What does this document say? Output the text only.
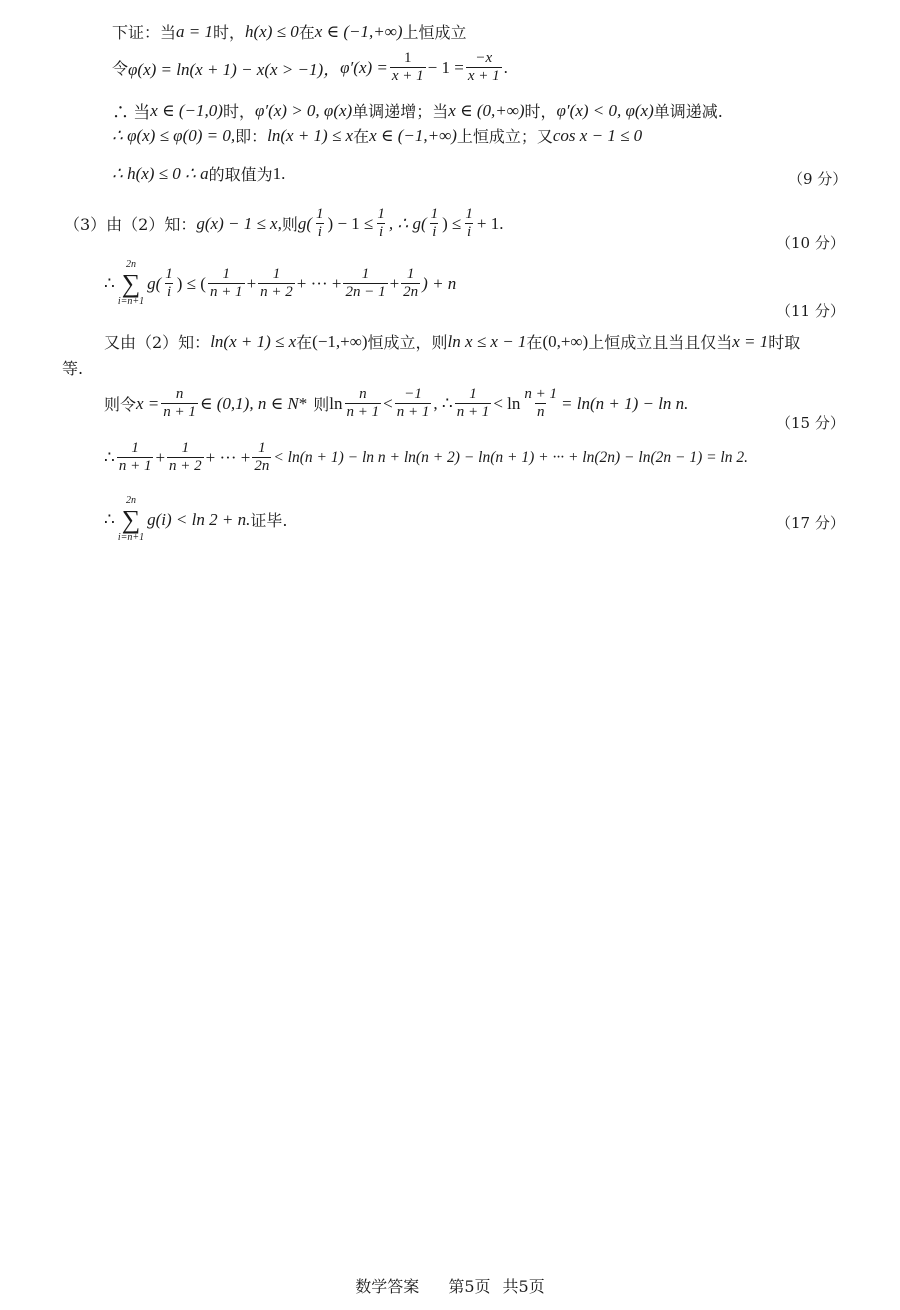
下证：当 a = 1 时， h(x) ≤ 0 在 x ∈ (−1,+∞) 上恒成立
令 φ(x) = ln(x + 1) − x(x > −1)， $\varphi'(x) = \frac{1}{x + 1} - 1 = \frac{-x}{x + 1}$ .
∴ 当 x ∈ (−1,0) 时， φ′(x) > 0, φ(x) 单调递增；当 x ∈ (0,+∞) 时， φ′(x) < 0, φ(x) 单调递减.
∴ φ(x) ≤ φ(0) = 0, 即： ln(x + 1) ≤ x 在 x ∈ (−1,+∞) 上恒成立；又 cos x − 1 ≤ 0
∴ h(x) ≤ 0 ∴ a 的取值为 1.	（9 分）
（3）由（2）知： g(x) − 1 ≤ x, 则 $g( \frac{1}{i}$ ) − $1 \le \frac{1}{i}$ , ∴ $g( \frac{1}{i}$ ) ≤ $\frac{1}{i} + 1$.
（10 分）
∴
2n
∑
i=n+1
$g( \frac{1}{i}$ ) ≤ ( $\frac{1}{n + 1} + \frac{1}{n + 2}$ + ··· + $\frac{1}{2n - 1} + \frac{1}{2n}$ ) + n
（11 分）
又由（2）知： ln(x + 1) ≤ x 在 (−1,+∞) 恒成立，则 ln x ≤ x − 1 在 (0,+∞) 上恒成立且当且仅当 x = 1 时取
等.
则令 $x = \frac{n}{n + 1}$ ∈ (0,1), n ∈ N * 则 $\ln \frac{n}{n + 1} < \frac{-1}{n + 1}$ , ∴ $\frac{1}{n + 1} < \ln \frac{n + 1}{n} = \ln(n + 1) - \ln n$.
（15 分）
∴ $\frac{1}{n + 1} + \frac{1}{n + 2}$ + ··· + $\frac{1}{2n} < \ln(n + 1) - \ln n + \ln(n + 2) - \ln(n + 1)$ + ··· + ln(2n) − ln(2n − 1) = ln 2.
∴
2n
∑
i=n+1
g(i) < ln 2 + n. 证毕.	（17 分）
数学答案 第5页 共5页
